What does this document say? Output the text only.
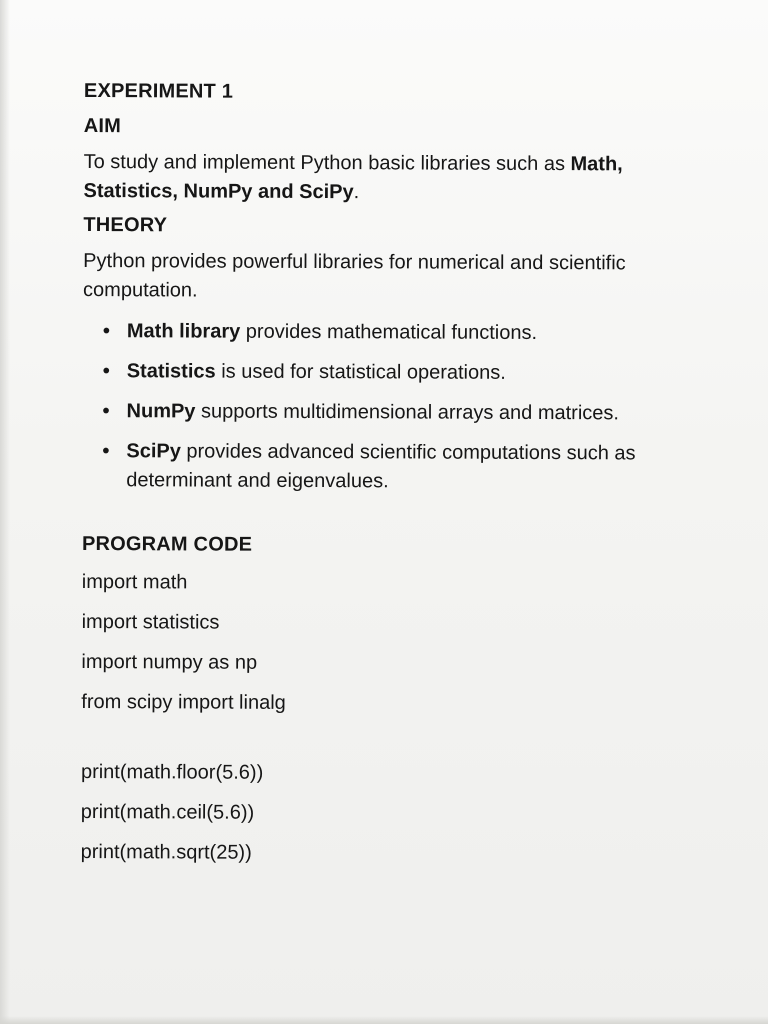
EXPERIMENT 1
AIM
To study and implement Python basic libraries such as Math, Statistics, NumPy and SciPy.
THEORY
Python provides powerful libraries for numerical and scientific computation.
• Math library provides mathematical functions.
• Statistics is used for statistical operations.
• NumPy supports multidimensional arrays and matrices.
• SciPy provides advanced scientific computations such as determinant and eigenvalues.
PROGRAM CODE
import math
import statistics
import numpy as np
from scipy import linalg
print(math.floor(5.6))
print(math.ceil(5.6))
print(math.sqrt(25))
